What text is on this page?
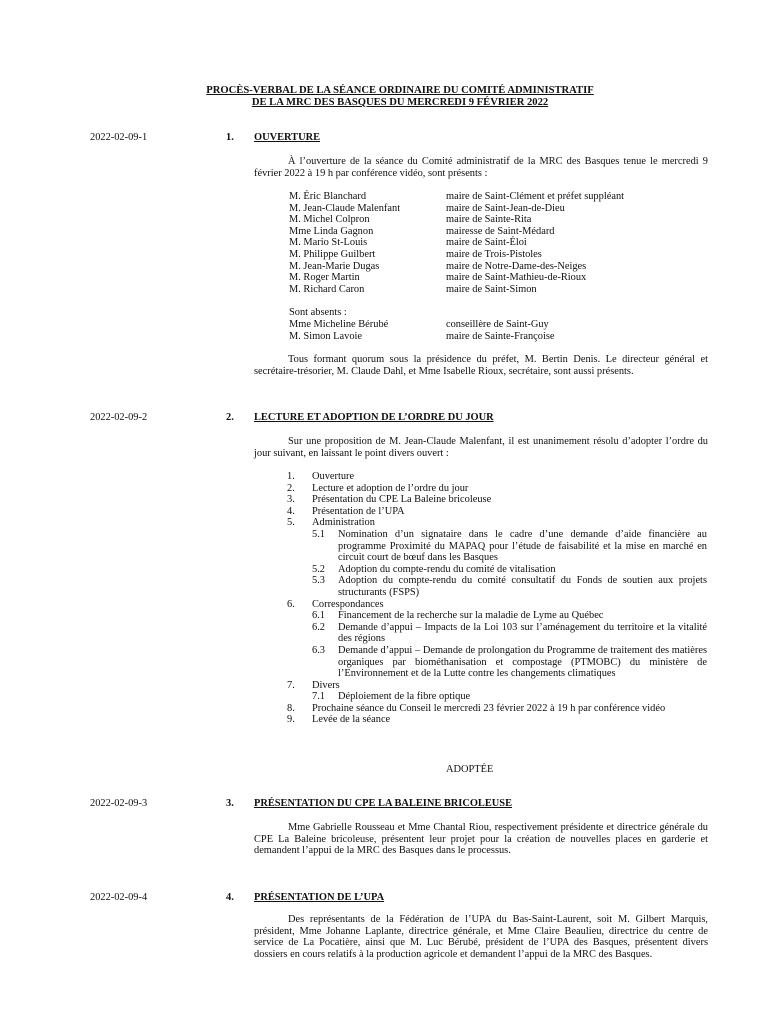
PROCÈS-VERBAL DE LA SÉANCE ORDINAIRE DU COMITÉ ADMINISTRATIF
DE LA MRC DES BASQUES DU MERCREDI 9 FÉVRIER 2022
2022-02-09-1	1. OUVERTURE
À l’ouverture de la séance du Comité administratif de la MRC des Basques tenue le mercredi 9 février 2022 à 19 h par conférence vidéo, sont présents :
M. Éric Blanchard	maire de Saint-Clément et préfet suppléant
M. Jean-Claude Malenfant	maire de Saint-Jean-de-Dieu
M. Michel Colpron	maire de Sainte-Rita
Mme Linda Gagnon	mairesse de Saint-Médard
M. Mario St-Louis	maire de Saint-Éloi
M. Philippe Guilbert	maire de Trois-Pistoles
M. Jean-Marie Dugas	maire de Notre-Dame-des-Neiges
M. Roger Martin	maire de Saint-Mathieu-de-Rioux
M. Richard Caron	maire de Saint-Simon
Sont absents :
Mme Micheline Bérubé	conseillère de Saint-Guy
M. Simon Lavoie	maire de Sainte-Françoise
Tous formant quorum sous la présidence du préfet, M. Bertin Denis. Le directeur général et secrétaire-trésorier, M. Claude Dahl, et Mme Isabelle Rioux, secrétaire, sont aussi présents.
2022-02-09-2	2. LECTURE ET ADOPTION DE L’ORDRE DU JOUR
Sur une proposition de M. Jean-Claude Malenfant, il est unanimement résolu d’adopter l’ordre du jour suivant, en laissant le point divers ouvert :
1. Ouverture
2. Lecture et adoption de l’ordre du jour
3. Présentation du CPE La Baleine bricoleuse
4. Présentation de l’UPA
5. Administration
5.1 Nomination d’un signataire dans le cadre d’une demande d’aide financière au programme Proximité du MAPAQ pour l’étude de faisabilité et la mise en marché en circuit court de bœuf dans les Basques
5.2 Adoption du compte-rendu du comité de vitalisation
5.3 Adoption du compte-rendu du comité consultatif du Fonds de soutien aux projets structurants (FSPS)
6. Correspondances
6.1 Financement de la recherche sur la maladie de Lyme au Québec
6.2 Demande d’appui – Impacts de la Loi 103 sur l’aménagement du territoire et la vitalité des régions
6.3 Demande d’appui – Demande de prolongation du Programme de traitement des matières organiques par biométhanisation et compostage (PTMOBC) du ministère de l’Environnement et de la Lutte contre les changements climatiques
7. Divers
7.1 Déploiement de la fibre optique
8. Prochaine séance du Conseil le mercredi 23 février 2022 à 19 h par conférence vidéo
9. Levée de la séance
ADOPTÉE
2022-02-09-3	3. PRÉSENTATION DU CPE LA BALEINE BRICOLEUSE
Mme Gabrielle Rousseau et Mme Chantal Riou, respectivement présidente et directrice générale du CPE La Baleine bricoleuse, présentent leur projet pour la création de nouvelles places en garderie et demandent l’appui de la MRC des Basques dans le processus.
2022-02-09-4	4. PRÉSENTATION DE L’UPA
Des représentants de la Fédération de l’UPA du Bas-Saint-Laurent, soit M. Gilbert Marquis, président, Mme Johanne Laplante, directrice générale, et Mme Claire Beaulieu, directrice du centre de service de La Pocatière, ainsi que M. Luc Bérubé, président de l’UPA des Basques, présentent divers dossiers en cours relatifs à la production agricole et demandent l’appui de la MRC des Basques.
